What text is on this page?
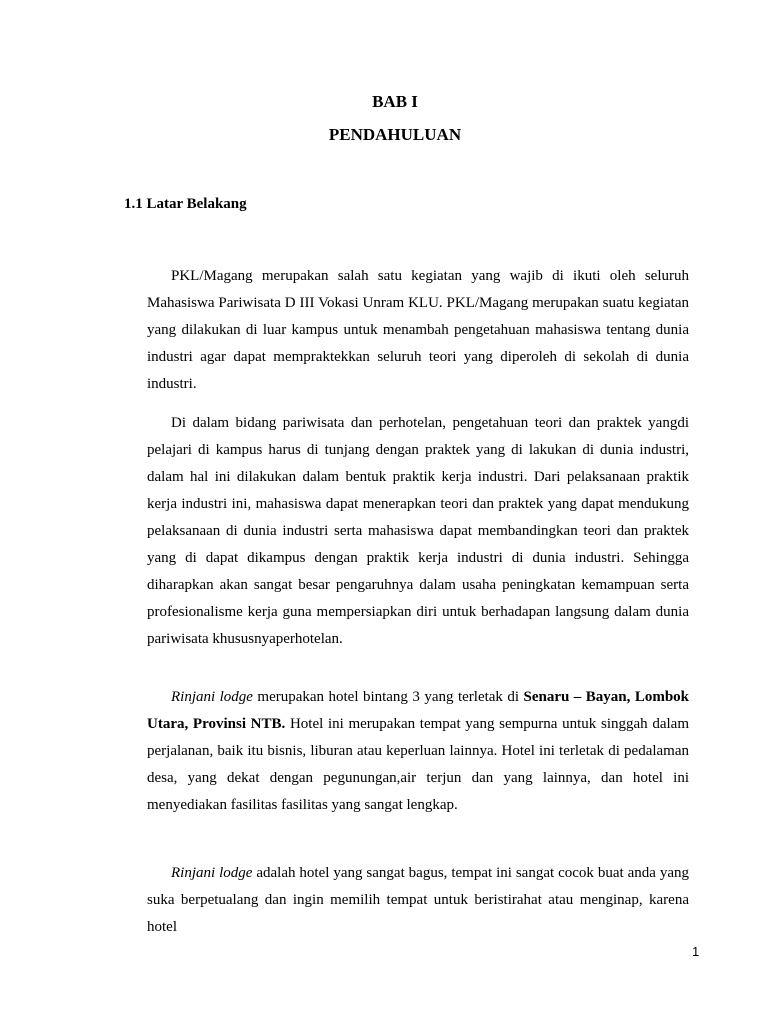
BAB I
PENDAHULUAN
1.1 Latar Belakang

PKL/Magang merupakan salah satu kegiatan yang wajib di ikuti oleh seluruh Mahasiswa Pariwisata D III Vokasi Unram KLU. PKL/Magang merupakan suatu kegiatan yang dilakukan di luar kampus untuk menambah pengetahuan mahasiswa tentang dunia industri agar dapat mempraktekkan seluruh teori yang diperoleh di sekolah di dunia industri.

Di dalam bidang pariwisata dan perhotelan, pengetahuan teori dan praktek yangdi pelajari di kampus harus di tunjang dengan praktek yang di lakukan di dunia industri, dalam hal ini dilakukan dalam bentuk praktik kerja industri. Dari pelaksanaan praktik kerja industri ini, mahasiswa dapat menerapkan teori dan praktek yang dapat mendukung pelaksanaan di dunia industri serta mahasiswa dapat membandingkan teori dan praktek yang di dapat dikampus dengan praktik kerja industri di dunia industri. Sehingga diharapkan akan sangat besar pengaruhnya dalam usaha peningkatan kemampuan serta profesionalisme kerja guna mempersiapkan diri untuk berhadapan langsung dalam dunia pariwisata khususnyaperhotelan.

Rinjani lodge merupakan hotel bintang 3 yang terletak di Senaru – Bayan, Lombok Utara, Provinsi NTB. Hotel ini merupakan tempat yang sempurna untuk singgah dalam perjalanan, baik itu bisnis, liburan atau keperluan lainnya. Hotel ini terletak di pedalaman desa, yang dekat dengan pegunungan,air terjun dan yang lainnya, dan hotel ini menyediakan fasilitas fasilitas yang sangat lengkap.

Rinjani lodge adalah hotel yang sangat bagus, tempat ini sangat cocok buat anda yang suka berpetualang dan ingin memilih tempat untuk beristirahat atau menginap, karena hotel

1
